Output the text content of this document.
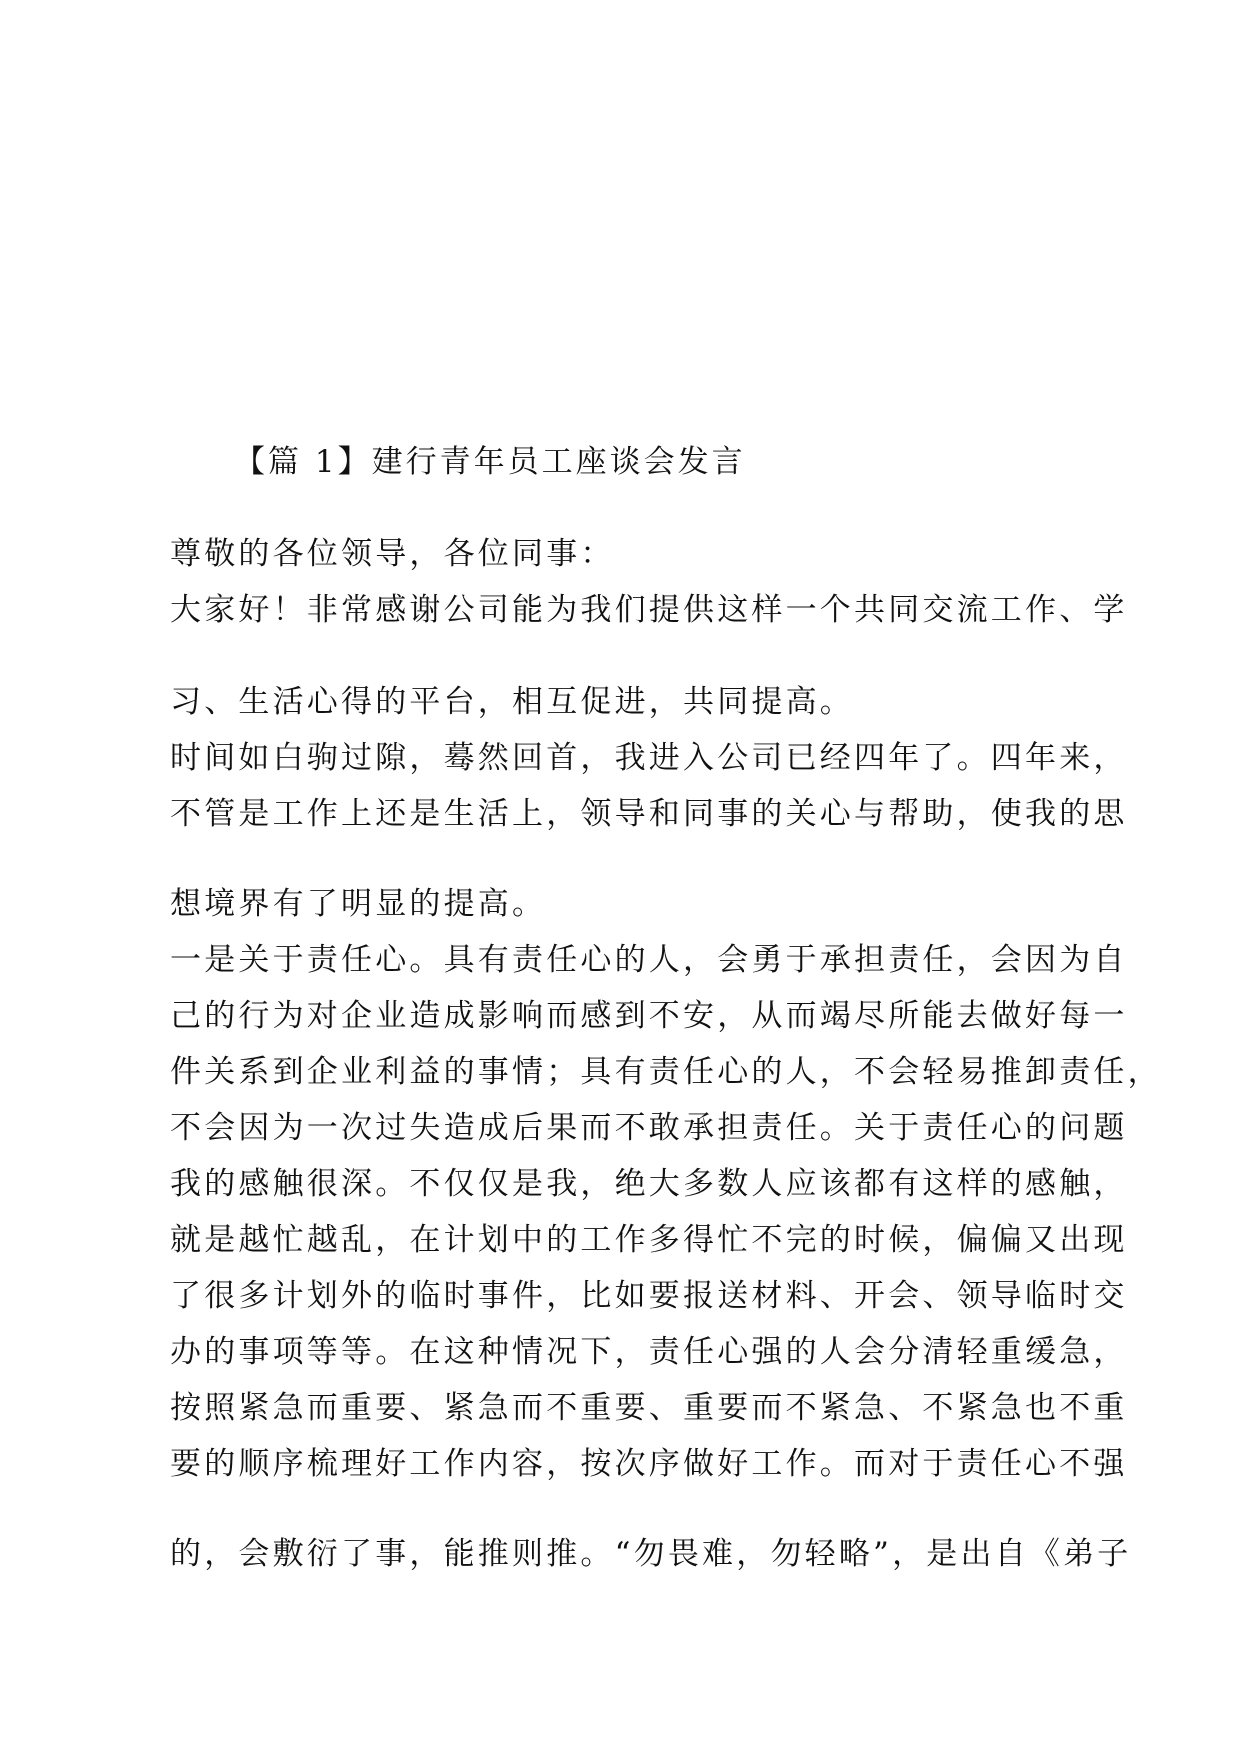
【篇 1】建行青年员工座谈会发言
尊敬的各位领导，各位同事：
大家好！非常感谢公司能为我们提供这样一个共同交流工作、学
习、生活心得的平台，相互促进，共同提高。
时间如白驹过隙，蓦然回首，我进入公司已经四年了。四年来，
不管是工作上还是生活上，领导和同事的关心与帮助，使我的思
想境界有了明显的提高。
一是关于责任心。具有责任心的人，会勇于承担责任，会因为自
己的行为对企业造成影响而感到不安，从而竭尽所能去做好每一
件关系到企业利益的事情；具有责任心的人，不会轻易推卸责任，
不会因为一次过失造成后果而不敢承担责任。关于责任心的问题
我的感触很深。不仅仅是我，绝大多数人应该都有这样的感触，
就是越忙越乱，在计划中的工作多得忙不完的时候，偏偏又出现
了很多计划外的临时事件，比如要报送材料、开会、领导临时交
办的事项等等。在这种情况下，责任心强的人会分清轻重缓急，
按照紧急而重要、紧急而不重要、重要而不紧急、不紧急也不重
要的顺序梳理好工作内容，按次序做好工作。而对于责任心不强
的，会敷衍了事，能推则推。“勿畏难，勿轻略”，是出自《弟子
